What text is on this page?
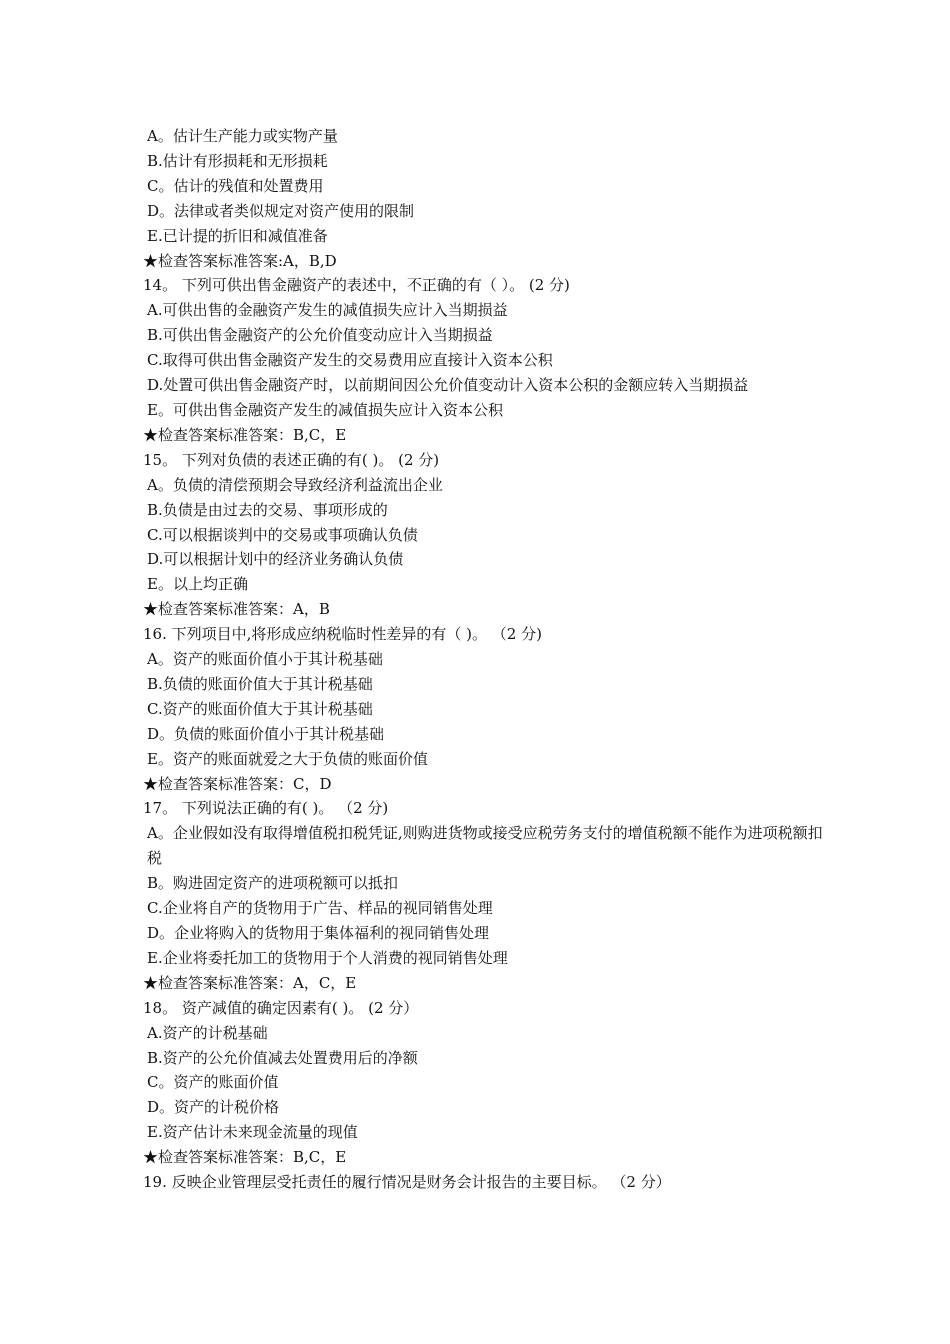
A。估计生产能力或实物产量

B.估计有形损耗和无形损耗

C。估计的残值和处置费用

D。法律或者类似规定对资产使用的限制

E.已计提的折旧和减值准备

★检查答案标准答案:A，B,D

14。 下列可供出售金融资产的表述中，不正确的有（ ）。 (2 分)

A.可供出售的金融资产发生的减值损失应计入当期损益

B.可供出售金融资产的公允价值变动应计入当期损益

C.取得可供出售金融资产发生的交易费用应直接计入资本公积

D.处置可供出售金融资产时，以前期间因公允价值变动计入资本公积的金额应转入当期损益

E。可供出售金融资产发生的减值损失应计入资本公积

★检查答案标准答案：B,C，E

15。 下列对负债的表述正确的有( )。 (2 分)

A。负债的清偿预期会导致经济利益流出企业

B.负债是由过去的交易、事项形成的

C.可以根据谈判中的交易或事项确认负债

D.可以根据计划中的经济业务确认负债

E。以上均正确

★检查答案标准答案：A，B

16. 下列项目中,将形成应纳税临时性差异的有（ )。 （2 分)

A。资产的账面价值小于其计税基础

B.负债的账面价值大于其计税基础

C.资产的账面价值大于其计税基础

D。负债的账面价值小于其计税基础

E。资产的账面就爱之大于负债的账面价值

★检查答案标准答案：C，D

17。 下列说法正确的有( )。 （2 分)

A。企业假如没有取得增值税扣税凭证,则购进货物或接受应税劳务支付的增值税额不能作为进项税额扣税

B。购进固定资产的进项税额可以抵扣

C.企业将自产的货物用于广告、样品的视同销售处理

D。企业将购入的货物用于集体福利的视同销售处理

E.企业将委托加工的货物用于个人消费的视同销售处理

★检查答案标准答案：A，C，E

18。 资产减值的确定因素有( )。 (2 分）

A.资产的计税基础

B.资产的公允价值减去处置费用后的净额

C。资产的账面价值

D。资产的计税价格

E.资产估计未来现金流量的现值

★检查答案标准答案：B,C，E

19. 反映企业管理层受托责任的履行情况是财务会计报告的主要目标。 （2 分）
